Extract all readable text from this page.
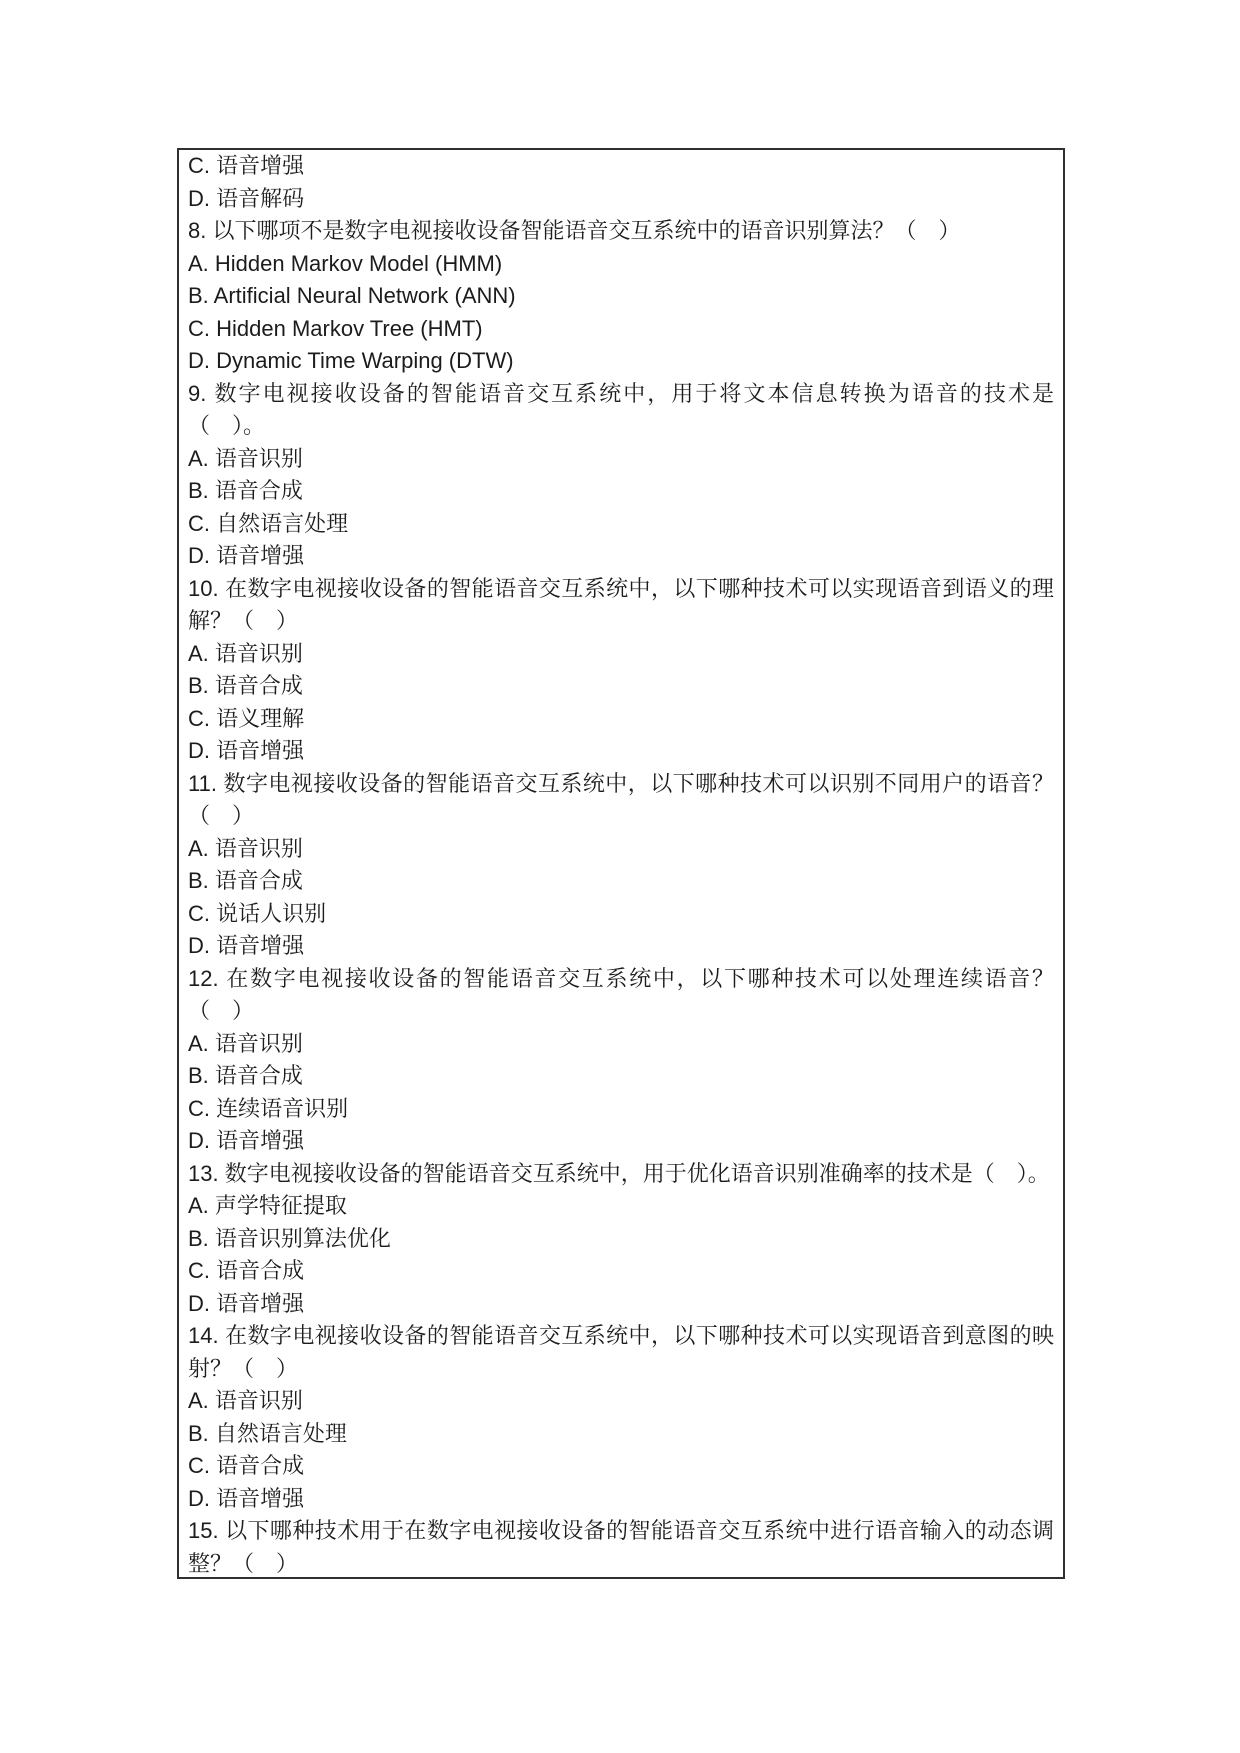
C. 语音增强
D. 语音解码
8. 以下哪项不是数字电视接收设备智能语音交互系统中的语音识别算法？（　）
A. Hidden Markov Model (HMM)
B. Artificial Neural Network (ANN)
C. Hidden Markov Tree (HMT)
D. Dynamic Time Warping (DTW)
9. 数字电视接收设备的智能语音交互系统中，用于将文本信息转换为语音的技术是
（　）。
A. 语音识别
B. 语音合成
C. 自然语言处理
D. 语音增强
10. 在数字电视接收设备的智能语音交互系统中，以下哪种技术可以实现语音到语义的理
解？（　）
A. 语音识别
B. 语音合成
C. 语义理解
D. 语音增强
11. 数字电视接收设备的智能语音交互系统中，以下哪种技术可以识别不同用户的语音？
（　）
A. 语音识别
B. 语音合成
C. 说话人识别
D. 语音增强
12. 在数字电视接收设备的智能语音交互系统中，以下哪种技术可以处理连续语音？
（　）
A. 语音识别
B. 语音合成
C. 连续语音识别
D. 语音增强
13. 数字电视接收设备的智能语音交互系统中，用于优化语音识别准确率的技术是（　）。
A. 声学特征提取
B. 语音识别算法优化
C. 语音合成
D. 语音增强
14. 在数字电视接收设备的智能语音交互系统中，以下哪种技术可以实现语音到意图的映
射？（　）
A. 语音识别
B. 自然语言处理
C. 语音合成
D. 语音增强
15. 以下哪种技术用于在数字电视接收设备的智能语音交互系统中进行语音输入的动态调
整？（　）
